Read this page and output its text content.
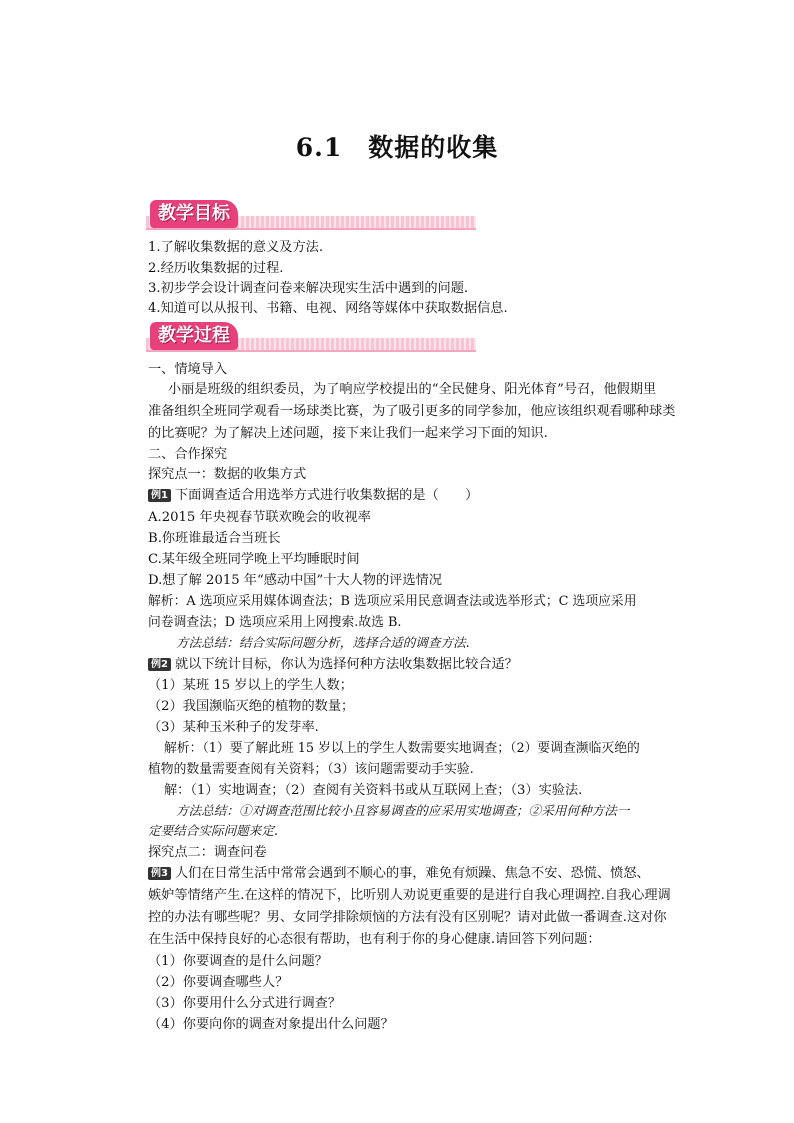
6.1 数据的收集
教学目标
1.了解收集数据的意义及方法.
2.经历收集数据的过程.
3.初步学会设计调查问卷来解决现实生活中遇到的问题.
4.知道可以从报刊、书籍、电视、网络等媒体中获取数据信息.
教学过程
一、情境导入
小丽是班级的组织委员，为了响应学校提出的“全民健身、阳光体育”号召，他假期里
准备组织全班同学观看一场球类比赛，为了吸引更多的同学参加，他应该组织观看哪种球类
的比赛呢？为了解决上述问题，接下来让我们一起来学习下面的知识.
二、合作探究
探究点一：数据的收集方式
例1 下面调查适合用选举方式进行收集数据的是（　　）
A.2015 年央视春节联欢晚会的收视率
B.你班谁最适合当班长
C.某年级全班同学晚上平均睡眠时间
D.想了解 2015 年“感动中国”十大人物的评选情况
解析：A 选项应采用媒体调查法；B 选项应采用民意调查法或选举形式；C 选项应采用
问卷调查法；D 选项应采用上网搜索.故选 B.
方法总结：结合实际问题分析，选择合适的调查方法.
例2 就以下统计目标，你认为选择何种方法收集数据比较合适？
（1）某班 15 岁以上的学生人数；
（2）我国濒临灭绝的植物的数量；
（3）某种玉米种子的发芽率.
解析：（1）要了解此班 15 岁以上的学生人数需要实地调查；（2）要调查濒临灭绝的
植物的数量需要查阅有关资料；（3）该问题需要动手实验.
解：（1）实地调查；（2）查阅有关资料书或从互联网上查；（3）实验法.
方法总结：①对调查范围比较小且容易调查的应采用实地调查；②采用何种方法一
定要结合实际问题来定.
探究点二：调查问卷
例3 人们在日常生活中常常会遇到不顺心的事，难免有烦躁、焦急不安、恐慌、愤怒、
嫉妒等情绪产生.在这样的情况下，比听别人劝说更重要的是进行自我心理调控.自我心理调
控的办法有哪些呢？男、女同学排除烦恼的方法有没有区别呢？请对此做一番调查.这对你
在生活中保持良好的心态很有帮助，也有利于你的身心健康.请回答下列问题：
（1）你要调查的是什么问题？
（2）你要调查哪些人？
（3）你要用什么分式进行调查？
（4）你要向你的调查对象提出什么问题？
